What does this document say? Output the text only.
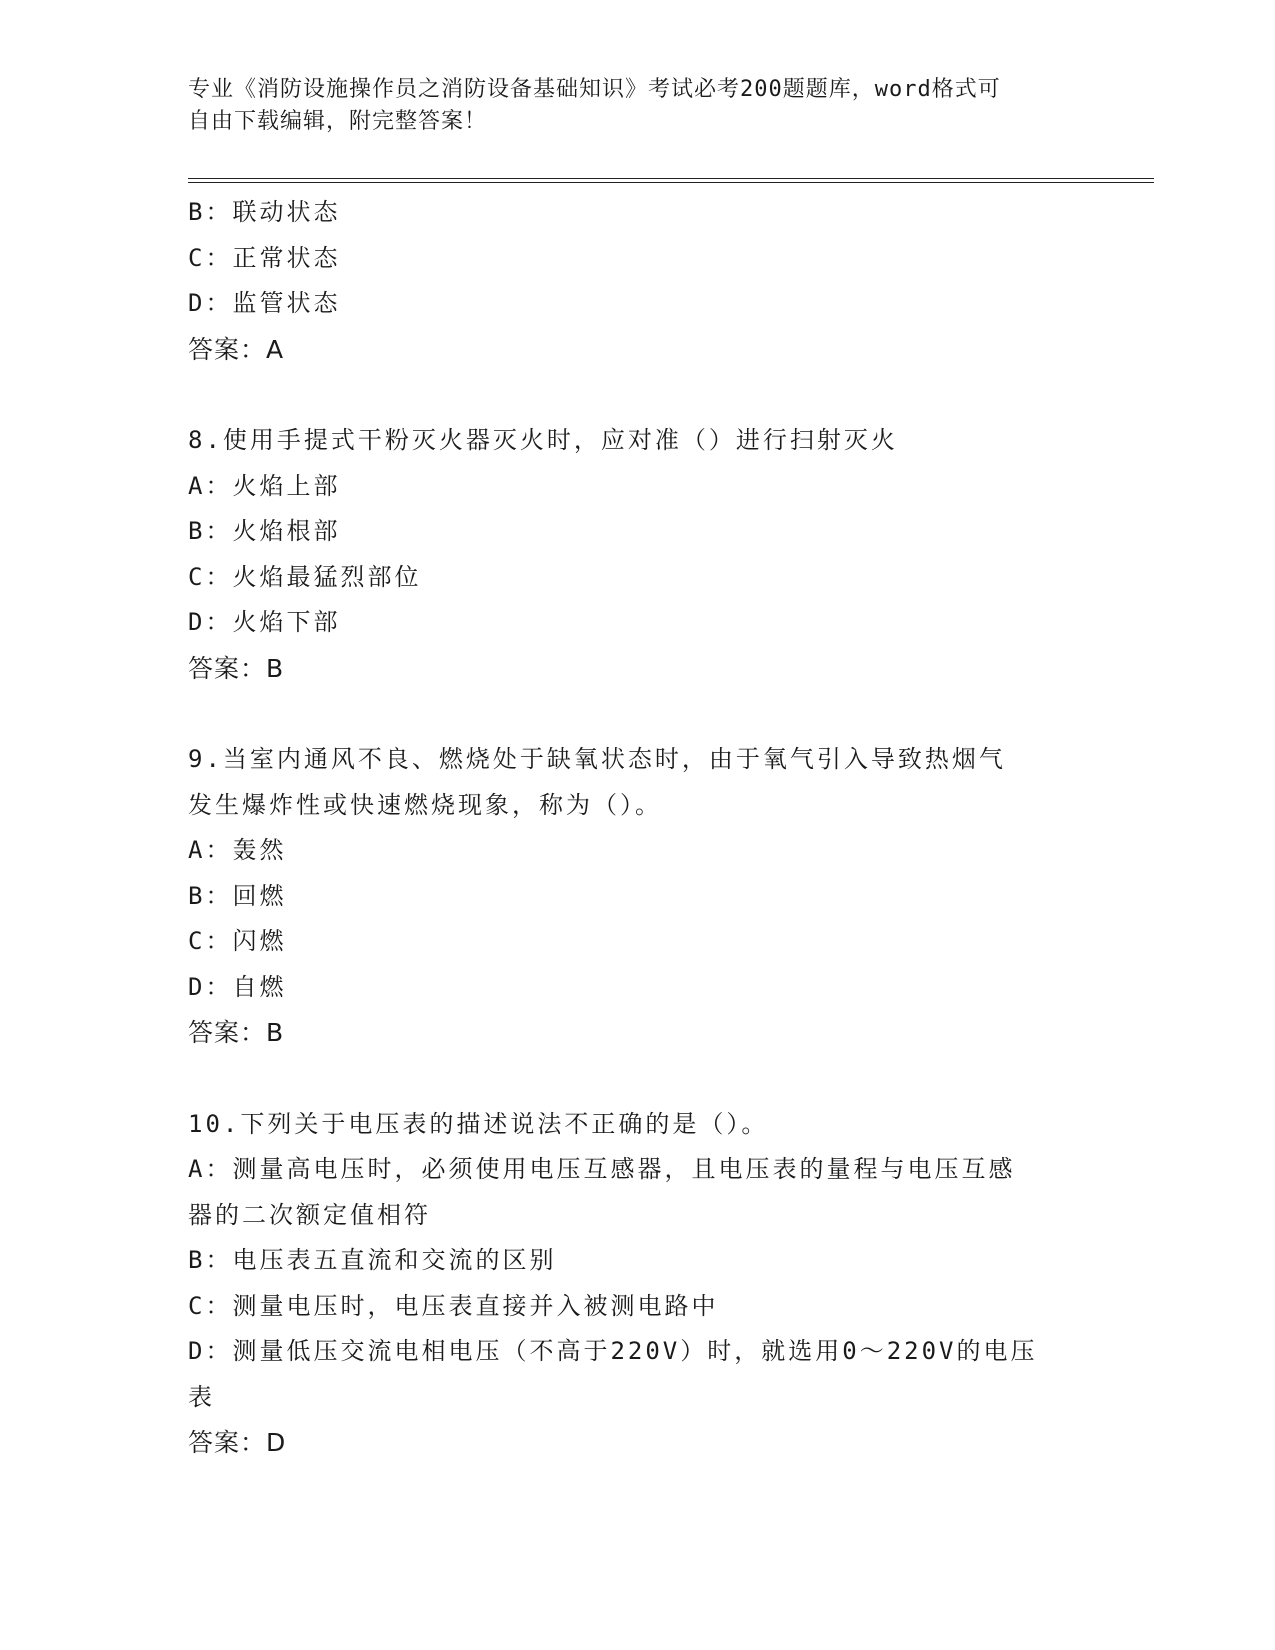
专业《消防设施操作员之消防设备基础知识》考试必考200题题库，word格式可
自由下载编辑，附完整答案！
B：联动状态
C：正常状态
D：监管状态
答案：A
8.使用手提式干粉灭火器灭火时，应对准（）进行扫射灭火
A：火焰上部
B：火焰根部
C：火焰最猛烈部位
D：火焰下部
答案：B
9.当室内通风不良、燃烧处于缺氧状态时，由于氧气引入导致热烟气
发生爆炸性或快速燃烧现象，称为（）。
A：轰然
B：回燃
C：闪燃
D：自燃
答案：B
10.下列关于电压表的描述说法不正确的是（）。
A：测量高电压时，必须使用电压互感器，且电压表的量程与电压互感
器的二次额定值相符
B：电压表五直流和交流的区别
C：测量电压时，电压表直接并入被测电路中
D：测量低压交流电相电压（不高于220V）时，就选用0～220V的电压
表
答案：D
